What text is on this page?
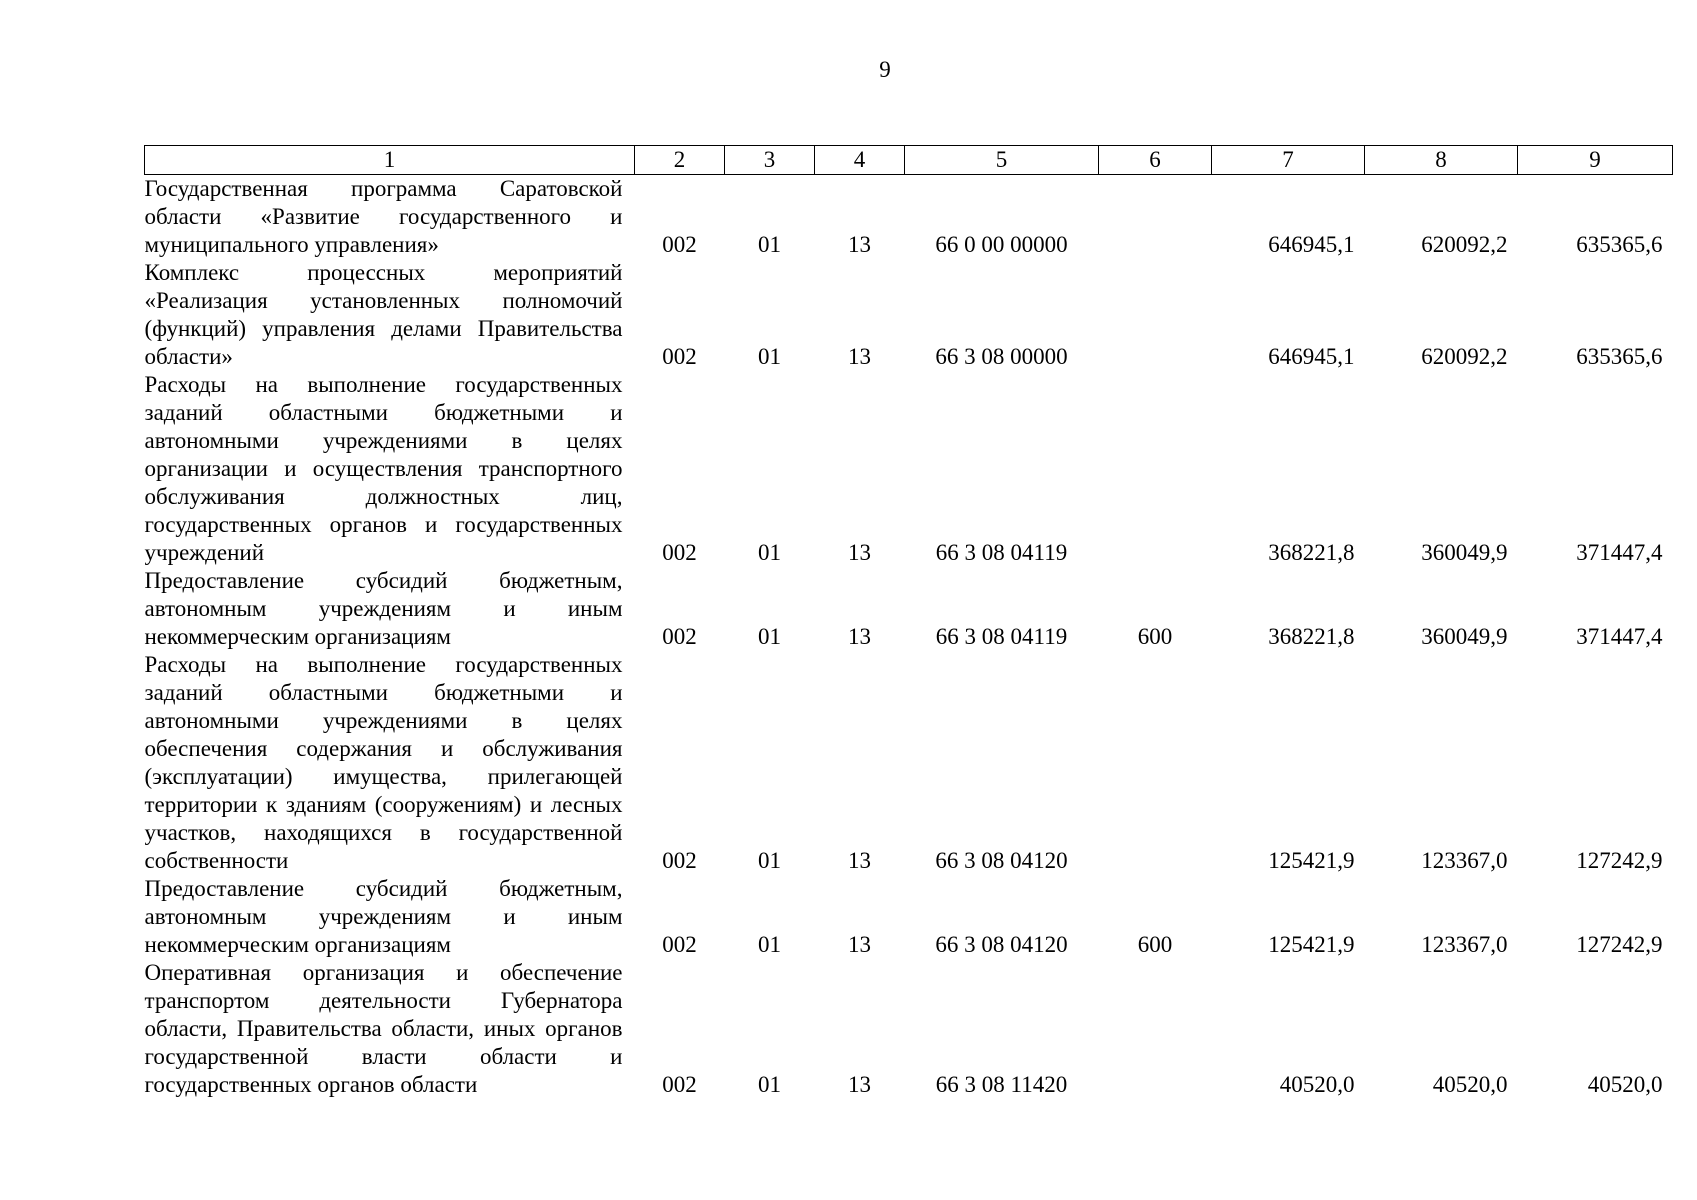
9
1	2	3	4	5	6	7	8	9
Государственная программа Саратовской области «Развитие государственного и муниципального управления»	002	01	13	66 0 00 00000		646945,1	620092,2	635365,6
Комплекс процессных мероприятий «Реализация установленных полномочий (функций) управления делами Правительства области»	002	01	13	66 3 08 00000		646945,1	620092,2	635365,6
Расходы на выполнение государственных заданий областными бюджетными и автономными учреждениями в целях организации и осуществления транспортного обслуживания должностных лиц, государственных органов и государственных учреждений	002	01	13	66 3 08 04119		368221,8	360049,9	371447,4
Предоставление субсидий бюджетным, автономным учреждениям и иным некоммерческим организациям	002	01	13	66 3 08 04119	600	368221,8	360049,9	371447,4
Расходы на выполнение государственных заданий областными бюджетными и автономными учреждениями в целях обеспечения содержания и обслуживания (эксплуатации) имущества, прилегающей территории к зданиям (сооружениям) и лесных участков, находящихся в государственной собственности	002	01	13	66 3 08 04120		125421,9	123367,0	127242,9
Предоставление субсидий бюджетным, автономным учреждениям и иным некоммерческим организациям	002	01	13	66 3 08 04120	600	125421,9	123367,0	127242,9
Оперативная организация и обеспечение транспортом деятельности Губернатора области, Правительства области, иных органов государственной власти области и государственных органов области	002	01	13	66 3 08 11420		40520,0	40520,0	40520,0
